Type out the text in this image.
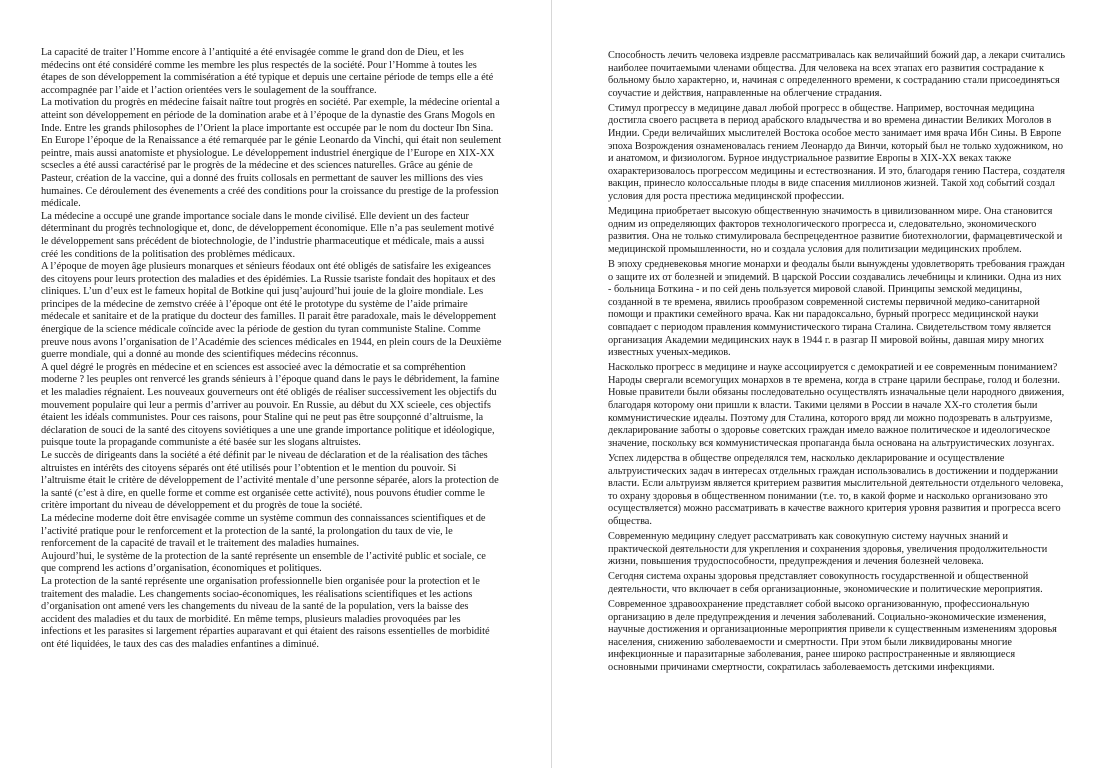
La capacité de traiter l’Homme encore à l’antiquité a été envisagée comme le grand don de Dieu, et les médecins ont été considéré comme les membre les plus respectés de la société. Pour l’Homme à toutes les étapes de son développement la commisération a été typique et depuis une certaine période de temps elle a été accompagnée par l’aide et l’action orientées vers le soulagement de la souffrance.

La motivation du progrès en médecine faisait naître tout progrès en société. Par exemple, la médecine oriental a atteint son développement en période de la domination arabe et à l’époque de la dynastie des Grans Mogols en Inde. Entre les grands philosophes de l’Orient la place importante est occupée par le nom du docteur Ibn Sina. En Europe l’époque de la Renaissance a été remarquée par le génie Leonardo da Vinchi, qui était non seulement peintre, mais aussi anatomiste et physiologue. Le développement industriel énergique de l’Europe en XIX-XX scsecles a été aussi caractérisé par le progrès de la médecine et des sciences naturelles. Grâce au génie de Pasteur, création de la vaccine, qui a donné des fruits collosals en permettant de sauver les millions des vies humaines. Ce déroulement des évenements a créé des conditions pour la croissance du prestige de la profession médicale.

La médecine a occupé une grande importance sociale dans le monde civilisé. Elle devient un des facteur déterminant du progrès technologique et, donc, de développement économique. Elle n’a pas seulement motivé le développement sans précédent de biotechnologie, de l’industrie pharmaceutique et médicale, mais a aussi créé les conditions de la politisation des problèmes médicaux.

A l’époque de moyen âge plusieurs monarques et sénieurs féodaux ont été obligés de satisfaire les exigeances des citoyens pour leurs protection des maladies et des épidémies. La Russie tsariste fondait des hopitaux et des cliniques. L’un d’eux est le fameux hopital de Botkine qui jusq’aujourd’hui jouie de la gloire mondiale. Les principes de la médecine de zemstvo créée à l’époque ont été le prototype du système de l’aide primaire médecale et sanitaire et de la pratique du docteur des familles. Il parait être paradoxale, mais le développement énergique de la science médicale coïncide avec la période de gestion du tyran communiste Staline. Comme preuve nous avons l’organisation de l’Académie des sciences médicales en 1944, en plein cours de la Deuxième guerre mondiale, qui a donné au monde des scientifiques médecins réconnus.

A quel dégré le progrès en médecine et en sciences est associeé avec la démocratie et sa compréhention moderne ? les peuples ont renvercé les grands sénieurs à l’époque quand dans le pays le débridement, la famine et les maladies régnaient. Les nouveaux gouverneurs ont été obligés de réaliser successivement les objectifs du mouvement populaire qui leur a permis d’arriver au pouvoir. En Russie, au début du XX scieele, ces objectifs étaient les idéals communistes. Pour ces raisons, pour Staline qui ne peut pas être soupçonné d’altruisme, la déclaration de souci de la santé des citoyens soviétiques a une une grande importance politique et idéologique, puisque toute la propagande communiste a été basée sur les slogans altruistes.

Le succès de dirigeants dans la société a été définit par le niveau de déclaration et de la réalisation des tâches altruistes en intérêts des citoyens séparés ont été utilisés pour l’obtention et le mention du pouvoir. Si l’altruisme était le critère de développement de l’activité mentale d’une personne séparée, alors la protection de la santé (c’est à dire, en quelle forme et comme est organisée cette activité), nous pouvons étudier comme le critère important du niveau de développement et du progrès de toue la société.

La médecine moderne doit être envisagée comme un système commun des connaissances scientifiques et de l’activité pratique pour le renforcement et la protection de la santé, la prolongation du taux de vie, le renforcement de la capacité de travail et le traitement des maladies humaines.

Aujourd’hui, le système de la protection de la santé représente un ensemble de l’activité public et sociale, ce que comprend les actions d’organisation, économiques et politiques.

La protection de la santé représente une organisation professionnelle bien organisée pour la protection et le traitement des maladie. Les changements sociao-économiques, les réalisations scientifiques et les actions d’organisation ont amené vers les changements du niveau de la santé de la population, vers la baisse des accident des maladies et du taux de morbidité. En même temps, plusieurs maladies provoquées par les infections et les parasites si largement réparties auparavant et qui étaient des raisons essentielles de morbidité ont été liquidées, le taux des cas des maladies enfantines a diminué.

Способность лечить человека издревле рассматривалась как величайший божий дар, а лекари считались наиболее почитаемыми членами общества. Для человека на всех этапах его развития сострадание к больному было характерно, и, начиная с определенного времени, к состраданию стали присоединяться соучастие и действия, направленные на облегчение страдания.

Стимул прогрессу в медицине давал любой прогресс в обществе. Например, восточная медицина достигла своего расцвета в период арабского владычества и во времена династии Великих Моголов в Индии. Среди величайших мыслителей Востока особое место занимает имя врача Ибн Сины. В Европе эпоха Возрождения ознаменовалась гением Леонардо да Винчи, который был не только художником, но и анатомом, и физиологом. Бурное индустриальное развитие Европы в XIX-XX веках также охарактеризовалось прогрессом медицины и естествознания. И это, благодаря гению Пастера, создателя вакцин, принесло колоссальные плоды в виде спасения миллионов жизней. Такой ход событий создал условия для роста престижа медицинской профессии.

Медицина приобретает высокую общественную значимость в цивилизованном мире. Она становится одним из определяющих факторов технологического прогресса и, следовательно, экономического развития. Она не только стимулировала беспрецедентное развитие биотехнологии, фармацевтической и медицинской промышленности, но и создала условия для политизации медицинских проблем.

В эпоху средневековья многие монархи и феодалы были вынуждены удовлетворять требования граждан о защите их от болезней и эпидемий. В царской России создавались лечебницы и клиники. Одна из них - больница Боткина - и по сей день пользуется мировой славой. Принципы земской медицины, созданной в те времена, явились прообразом современной системы первичной медико-санитарной помощи и практики семейного врача. Как ни парадоксально, бурный прогресс медицинской науки совпадает с периодом правления коммунистического тирана Сталина. Свидетельством тому является организация Академии медицинских наук в 1944 г. в разгар II мировой войны, давшая миру многих известных ученых-медиков.

Насколько прогресс в медицине и науке ассоциируется с демократией и ее современным пониманием? Народы свергали всемогущих монархов в те времена, когда в стране царили беспраье, голод и болезни. Новые правители были обязаны последовательно осуществлять изначальные цели народного движения, благодаря которому они пришли к власти. Такими целями в России в начале XX-го столетия были коммунистические идеалы. Поэтому для Сталина, которого вряд ли можно подозревать в альтруизме, декларирование заботы о здоровье советских граждан имело важное политическое и идеологическое значение, поскольку вся коммунистическая пропаганда была основана на альтруистических лозунгах.

Успех лидерства в обществе определялся тем, насколько декларирование и осуществление альтруистических задач в интересах отдельных граждан использовались в достижении и поддержании власти. Если альтруизм является критерием развития мыслительной деятельности отдельного человека, то охрану здоровья в общественном понимании (т.е. то, в какой форме и насколько организовано это осуществляется) можно рассматривать в качестве важного критерия уровня развития и прогресса всего общества.

Современную медицину следует рассматривать как совокупную систему научных знаний и практической деятельности для укрепления и сохранения здоровья, увеличения продолжительности жизни, повышения трудоспособности, предупреждения и лечения болезней человека.

Сегодня система охраны здоровья представляет совокупность государственной и общественной деятельности, что включает в себя организационные, экономические и политические мероприятия.

Современное здравоохранение представляет собой высоко организованную, профессиональную организацию в деле предупреждения и лечения заболеваний. Социально-экономические изменения, научные достижения и организационные мероприятия привели к существенным изменениям здоровья населения, снижению заболеваемости и смертности. При этом были ликвидированы многие инфекционные и паразитарные заболевания, ранее широко распространенные и являющиеся основными причинами смертности, сократилась заболеваемость детскими инфекциями.
